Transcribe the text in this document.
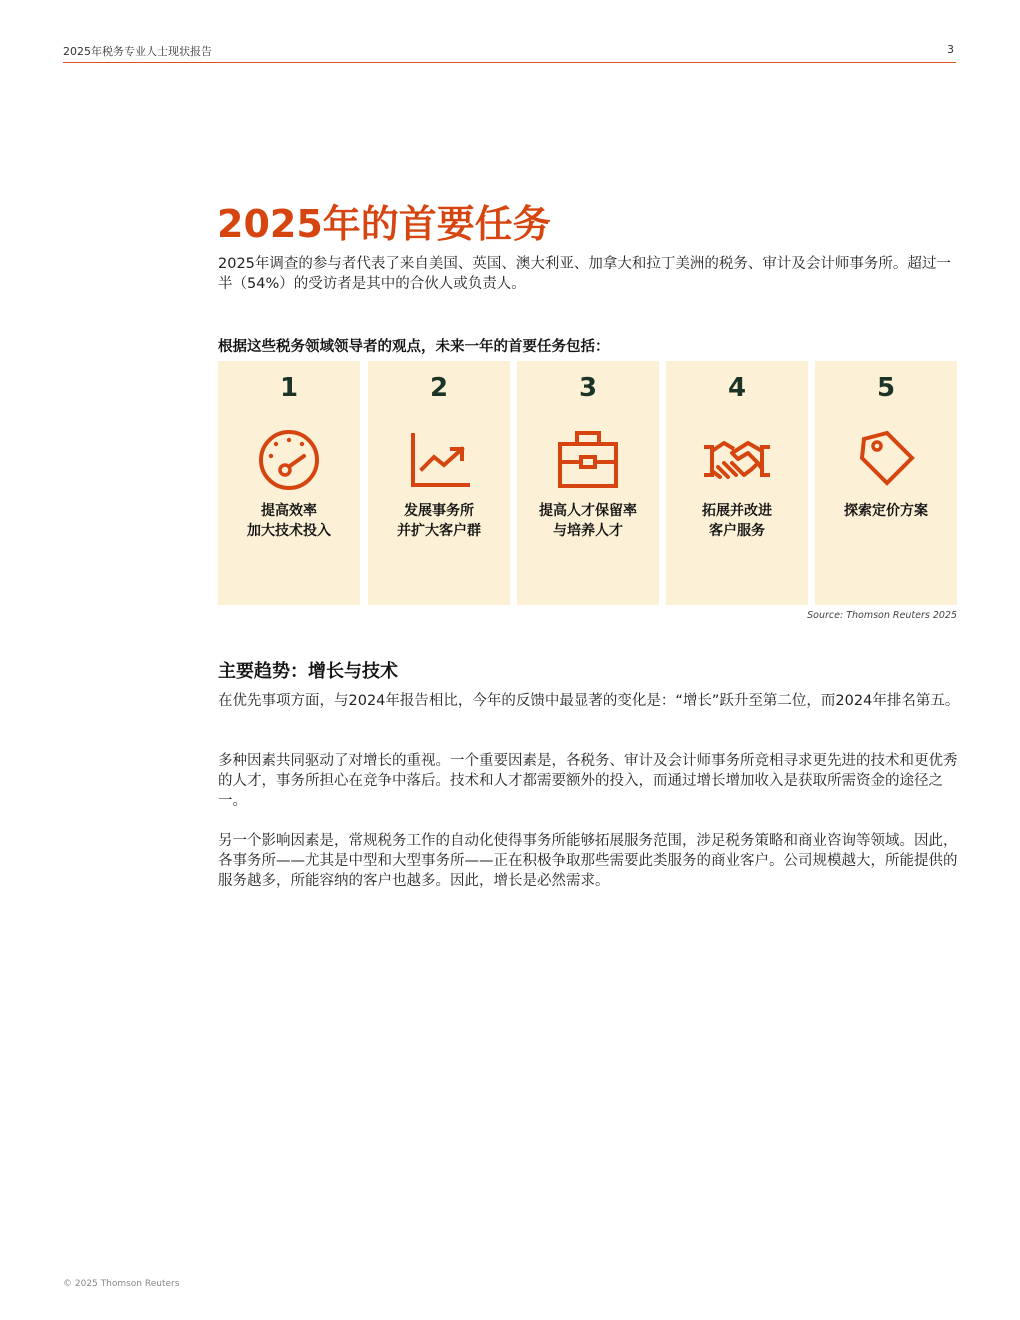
2025年税务专业人士现状报告	3
2025年的首要任务

2025年调查的参与者代表了来自美国、英国、澳大利亚、加拿大和拉丁美洲的税务、审计及会计师事务所。超过一半（54%）的受访者是其中的合伙人或负责人。

根据这些税务领域领导者的观点，未来一年的首要任务包括：

1
提高效率
加大技术投入
2
发展事务所
并扩大客户群
3
提高人才保留率
与培养人才
4
拓展并改进
客户服务
5
探索定价方案
Source: Thomson Reuters 2025
主要趋势：增长与技术

在优先事项方面，与2024年报告相比，今年的反馈中最显著的变化是：“增长”跃升至第二位，而2024年排名第五。

多种因素共同驱动了对增长的重视。一个重要因素是，各税务、审计及会计师事务所竞相寻求更先进的技术和更优秀的人才，事务所担心在竞争中落后。技术和人才都需要额外的投入，而通过增长增加收入是获取所需资金的途径之一。

另一个影响因素是，常规税务工作的自动化使得事务所能够拓展服务范围，涉足税务策略和商业咨询等领域。因此，各事务所——尤其是中型和大型事务所——正在积极争取那些需要此类服务的商业客户。公司规模越大，所能提供的服务越多，所能容纳的客户也越多。因此，增长是必然需求。

© 2025 Thomson Reuters
